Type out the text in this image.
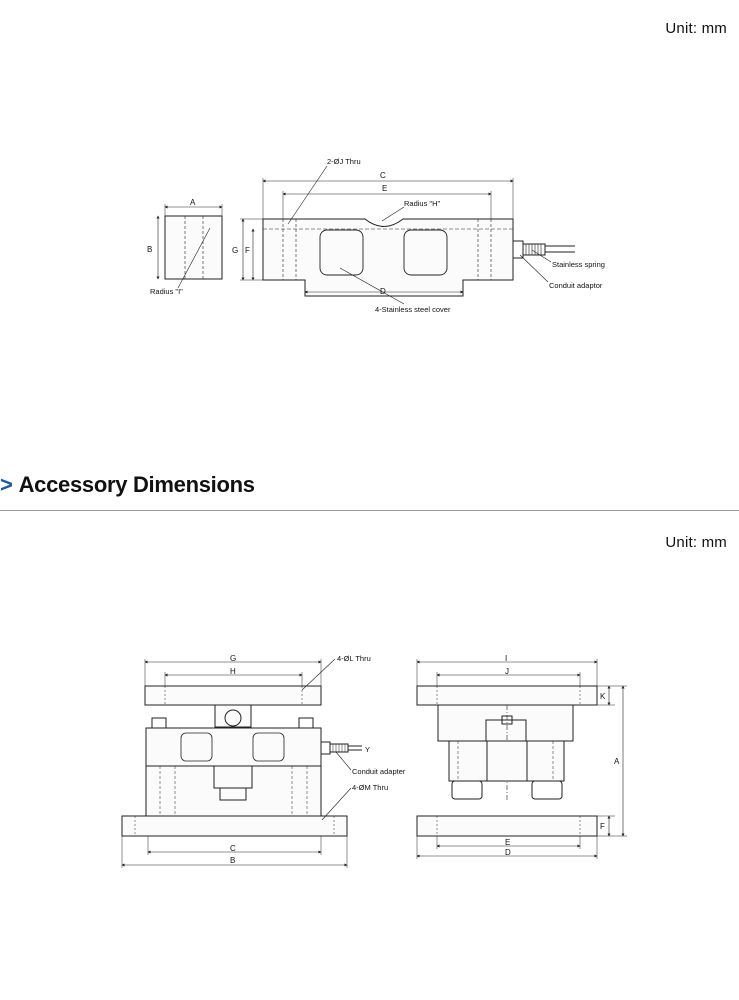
Unit: mm
A
B
Radius "I"
C
E
D
G F
2-ØJ Thru
Radius "H"
4-Stainless steel cover
Stainless spring
Conduit adaptor
> Accessory Dimensions
Unit: mm
G
H
C
B
4-ØL Thru
Conduit adapter
4-ØM Thru
Y
I
J
E
D
A
K
F
